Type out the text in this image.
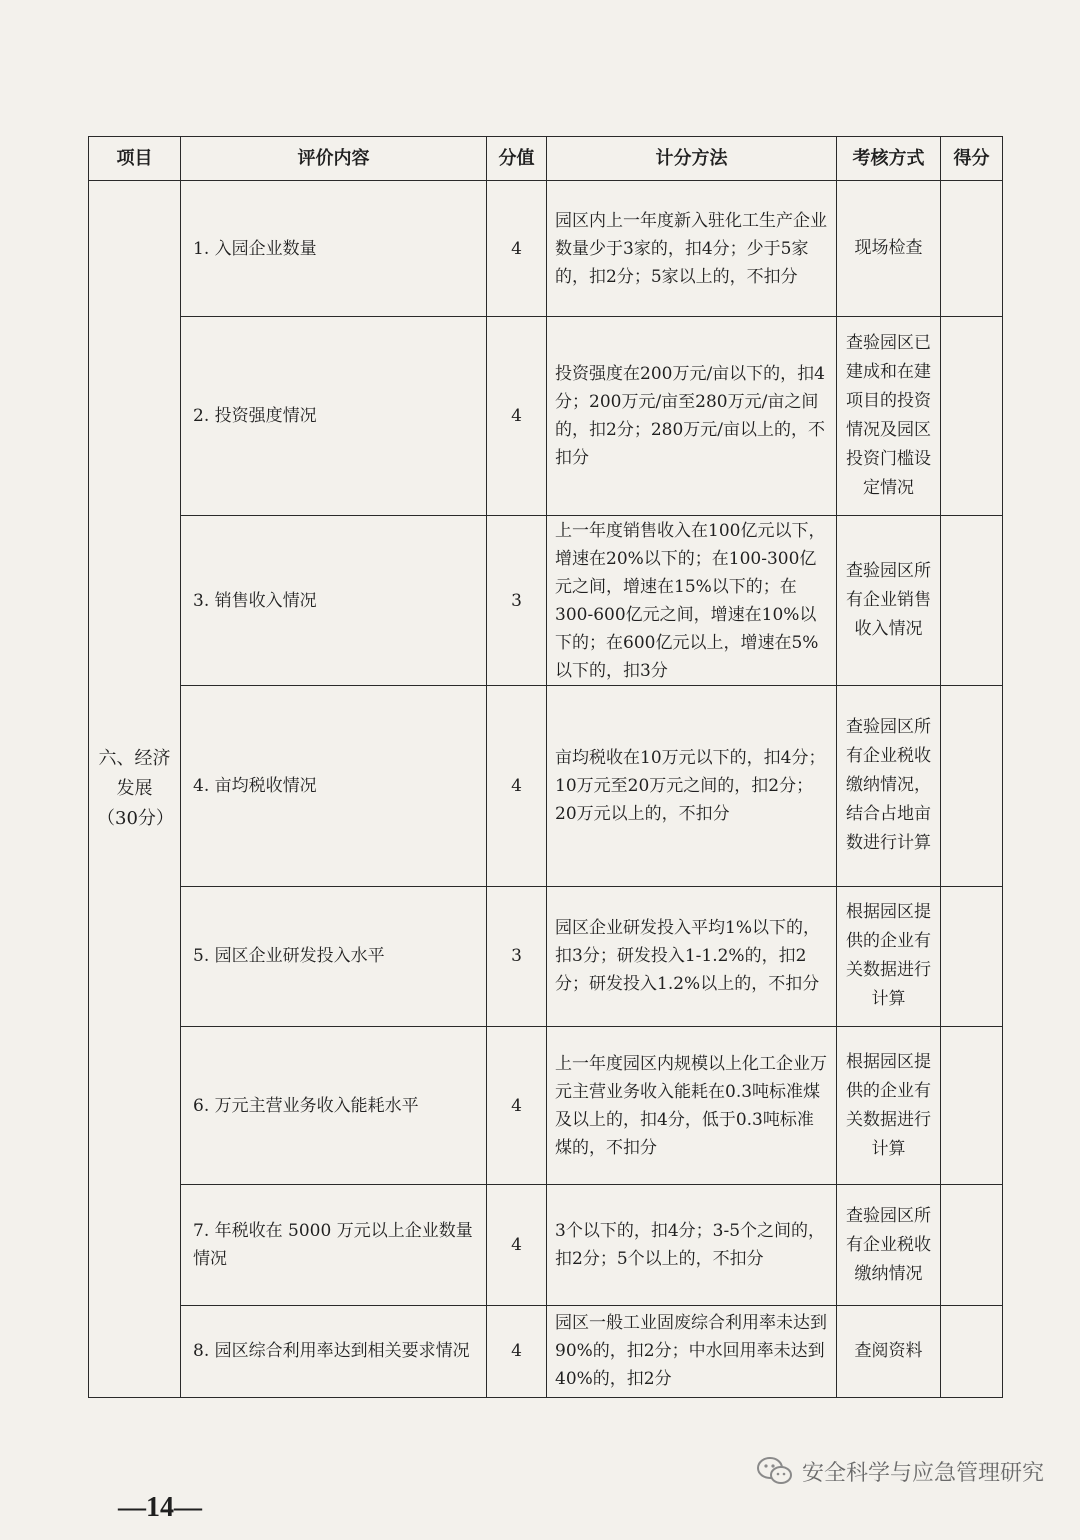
项目	评价内容	分值	计分方法	考核方式	得分

六、经济
发展
（30分）	1. 入园企业数量	4	园区内上一年度新入驻化工生产企业数量少于3家的，扣4分；少于5家的，扣2分；5家以上的，不扣分	现场检查	
	2. 投资强度情况	4	投资强度在200万元/亩以下的，扣4分；200万元/亩至280万元/亩之间的，扣2分；280万元/亩以上的，不扣分	查验园区已建成和在建项目的投资情况及园区投资门槛设定情况	
	3. 销售收入情况	3	上一年度销售收入在100亿元以下，增速在20%以下的；在100-300亿元之间，增速在15%以下的；在300-600亿元之间，增速在10%以下的；在600亿元以上，增速在5%以下的，扣3分	查验园区所有企业销售收入情况	
	4. 亩均税收情况	4	亩均税收在10万元以下的，扣4分；10万元至20万元之间的，扣2分；20万元以上的，不扣分	查验园区所有企业税收缴纳情况，结合占地亩数进行计算	
	5. 园区企业研发投入水平	3	园区企业研发投入平均1%以下的，扣3分；研发投入1-1.2%的，扣2分；研发投入1.2%以上的，不扣分	根据园区提供的企业有关数据进行计算	
	6. 万元主营业务收入能耗水平	4	上一年度园区内规模以上化工企业万元主营业务收入能耗在0.3吨标准煤及以上的，扣4分，低于0.3吨标准煤的，不扣分	根据园区提供的企业有关数据进行计算	
	7. 年税收在 5000 万元以上企业数量情况	4	3个以下的，扣4分；3-5个之间的，扣2分；5个以上的，不扣分	查验园区所有企业税收缴纳情况	
	8. 园区综合利用率达到相关要求情况	4	园区一般工业固废综合利用率未达到90%的，扣2分；中水回用率未达到40%的，扣2分	查阅资料	
—14—
安全科学与应急管理研究
